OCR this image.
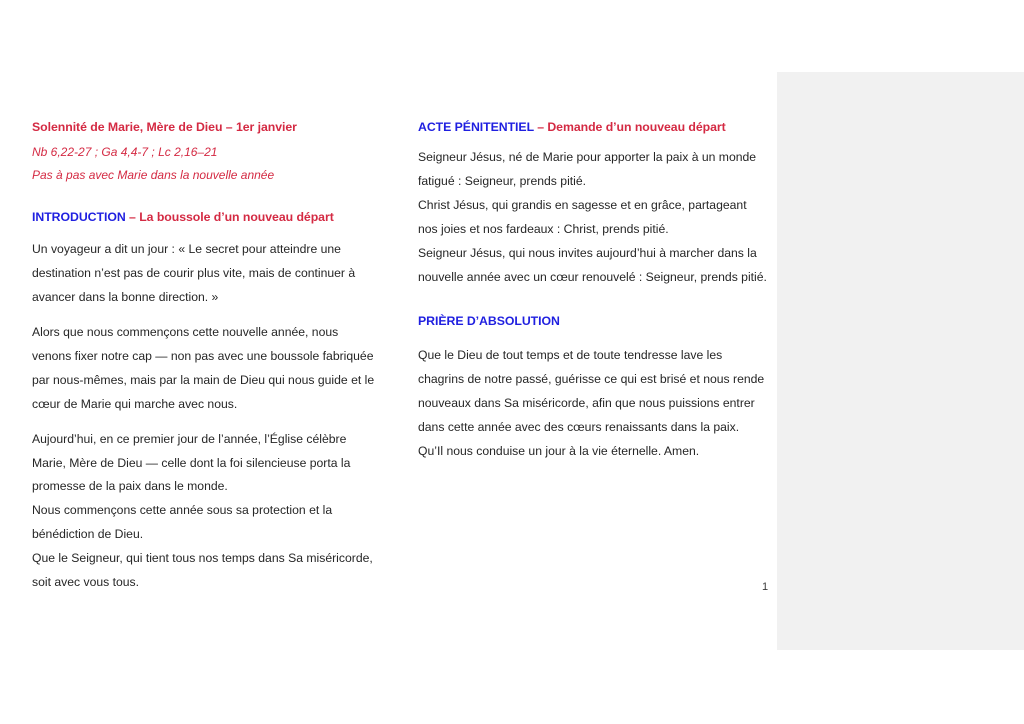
Solennité de Marie, Mère de Dieu – 1er janvier

Nb 6,22-27 ; Ga 4,4-7 ; Lc 2,16–21

Pas à pas avec Marie dans la nouvelle année

INTRODUCTION – La boussole d’un nouveau départ

Un voyageur a dit un jour : « Le secret pour atteindre une destination n’est pas de courir plus vite, mais de continuer à avancer dans la bonne direction. »

Alors que nous commençons cette nouvelle année, nous venons fixer notre cap — non pas avec une boussole fabriquée par nous-mêmes, mais par la main de Dieu qui nous guide et le cœur de Marie qui marche avec nous.

Aujourd’hui, en ce premier jour de l’année, l’Église célèbre Marie, Mère de Dieu — celle dont la foi silencieuse porta la promesse de la paix dans le monde.

Nous commençons cette année sous sa protection et la bénédiction de Dieu.

Que le Seigneur, qui tient tous nos temps dans Sa miséricorde, soit avec vous tous.

ACTE PÉNITENTIEL – Demande d’un nouveau départ

Seigneur Jésus, né de Marie pour apporter la paix à un monde fatigué : Seigneur, prends pitié.

Christ Jésus, qui grandis en sagesse et en grâce, partageant nos joies et nos fardeaux : Christ, prends pitié.

Seigneur Jésus, qui nous invites aujourd’hui à marcher dans la nouvelle année avec un cœur renouvelé : Seigneur, prends pitié.

PRIÈRE D’ABSOLUTION

Que le Dieu de tout temps et de toute tendresse lave les chagrins de notre passé, guérisse ce qui est brisé et nous rende nouveaux dans Sa miséricorde, afin que nous puissions entrer dans cette année avec des cœurs renaissants dans la paix.

Qu’Il nous conduise un jour à la vie éternelle. Amen.

1
